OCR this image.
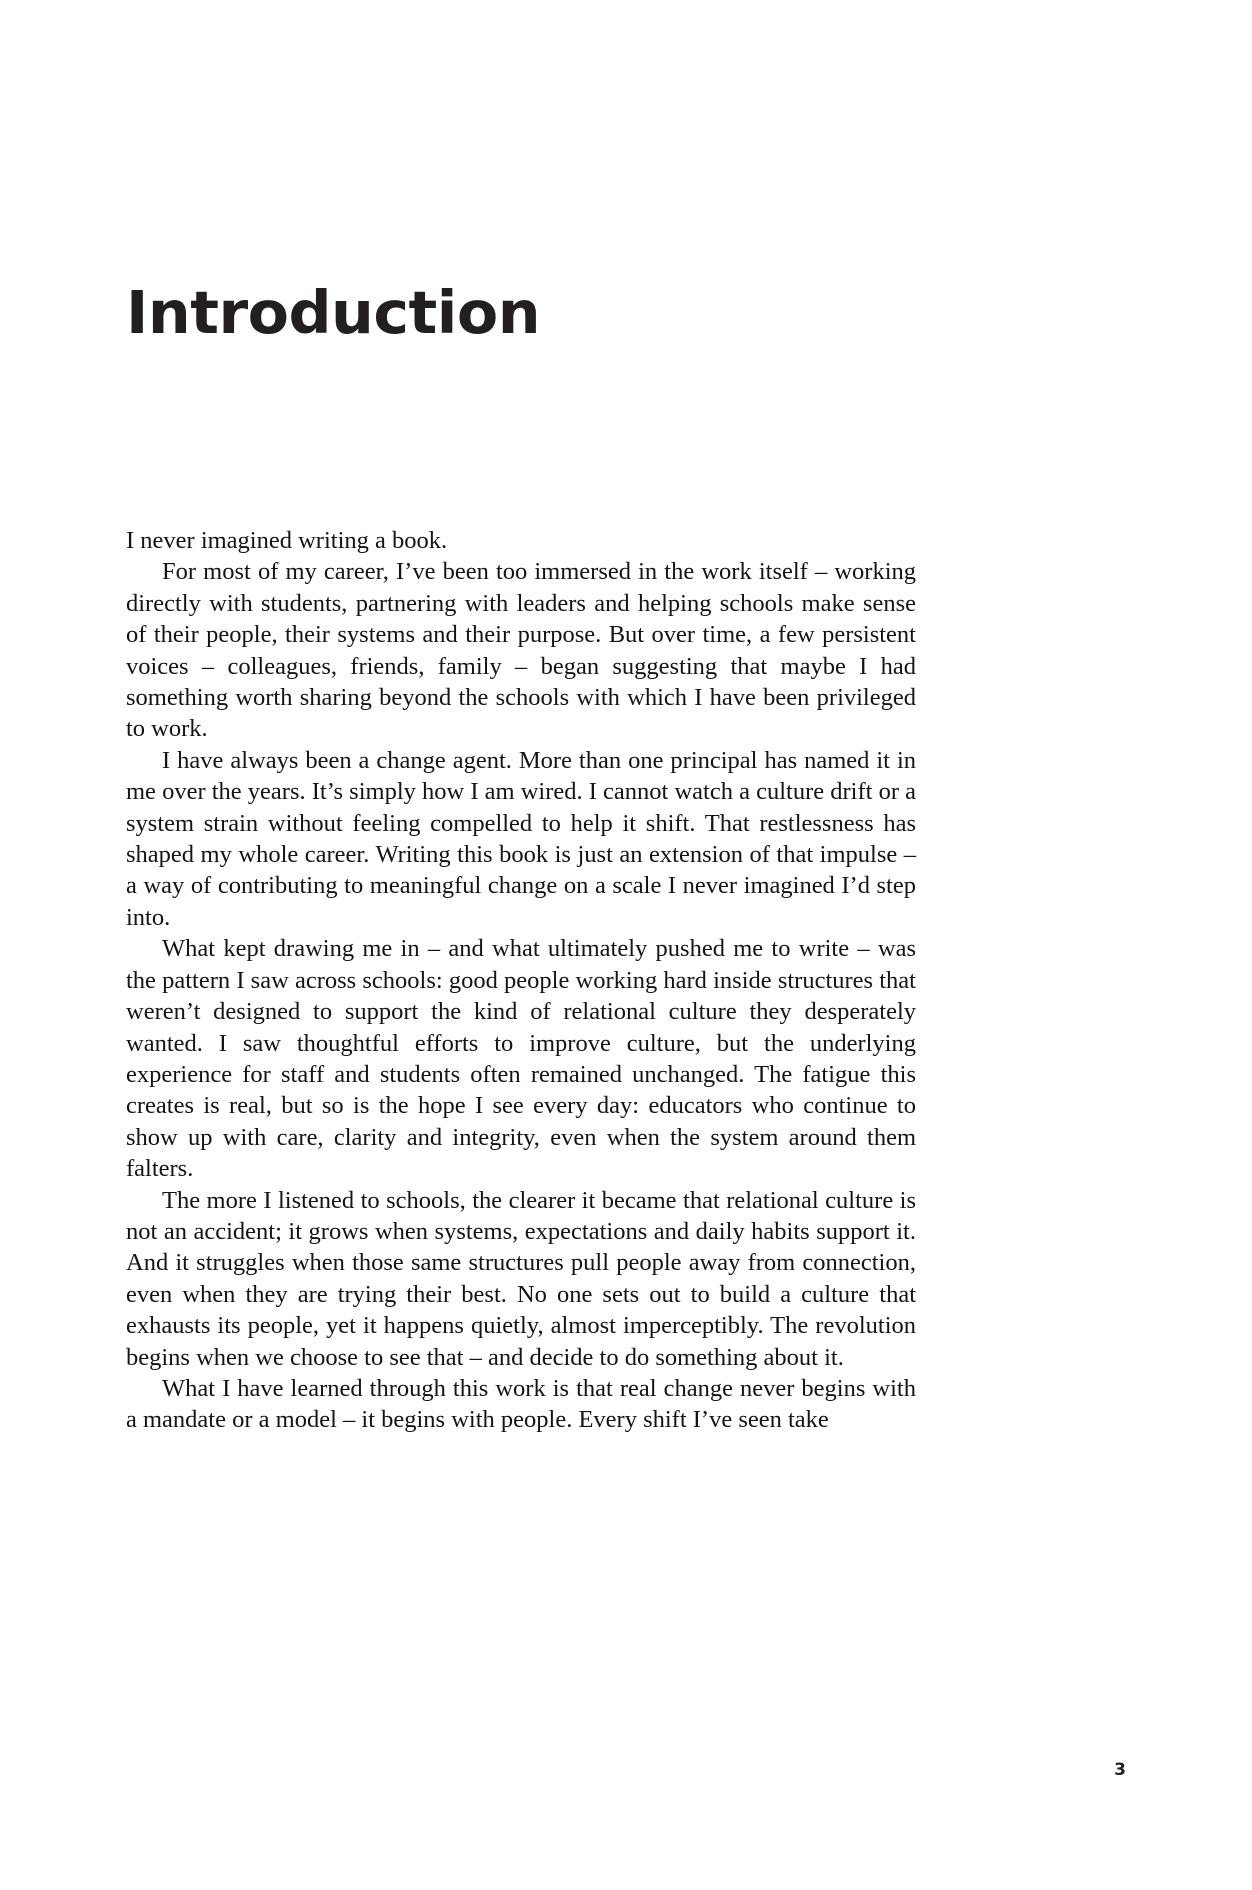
Introduction

I never imagined writing a book.

For most of my career, I’ve been too immersed in the work itself – working directly with students, partnering with leaders and helping schools make sense of their people, their systems and their purpose. But over time, a few persistent voices – colleagues, friends, family – began suggesting that maybe I had something worth sharing beyond the schools with which I have been privileged to work.

I have always been a change agent. More than one principal has named it in me over the years. It’s simply how I am wired. I cannot watch a culture drift or a system strain without feeling compelled to help it shift. That restlessness has shaped my whole career. Writing this book is just an extension of that impulse – a way of contributing to meaningful change on a scale I never imagined I’d step into.

What kept drawing me in – and what ultimately pushed me to write – was the pattern I saw across schools: good people working hard inside structures that weren’t designed to support the kind of relational culture they desperately wanted. I saw thoughtful efforts to improve culture, but the underlying experience for staff and students often remained unchanged. The fatigue this creates is real, but so is the hope I see every day: educators who continue to show up with care, clarity and integrity, even when the system around them falters.

The more I listened to schools, the clearer it became that relational culture is not an accident; it grows when systems, expectations and daily habits support it. And it struggles when those same structures pull people away from connection, even when they are trying their best. No one sets out to build a culture that exhausts its people, yet it happens quietly, almost imperceptibly. The revolution begins when we choose to see that – and decide to do something about it.

What I have learned through this work is that real change never begins with a mandate or a model – it begins with people. Every shift I’ve seen take

3
